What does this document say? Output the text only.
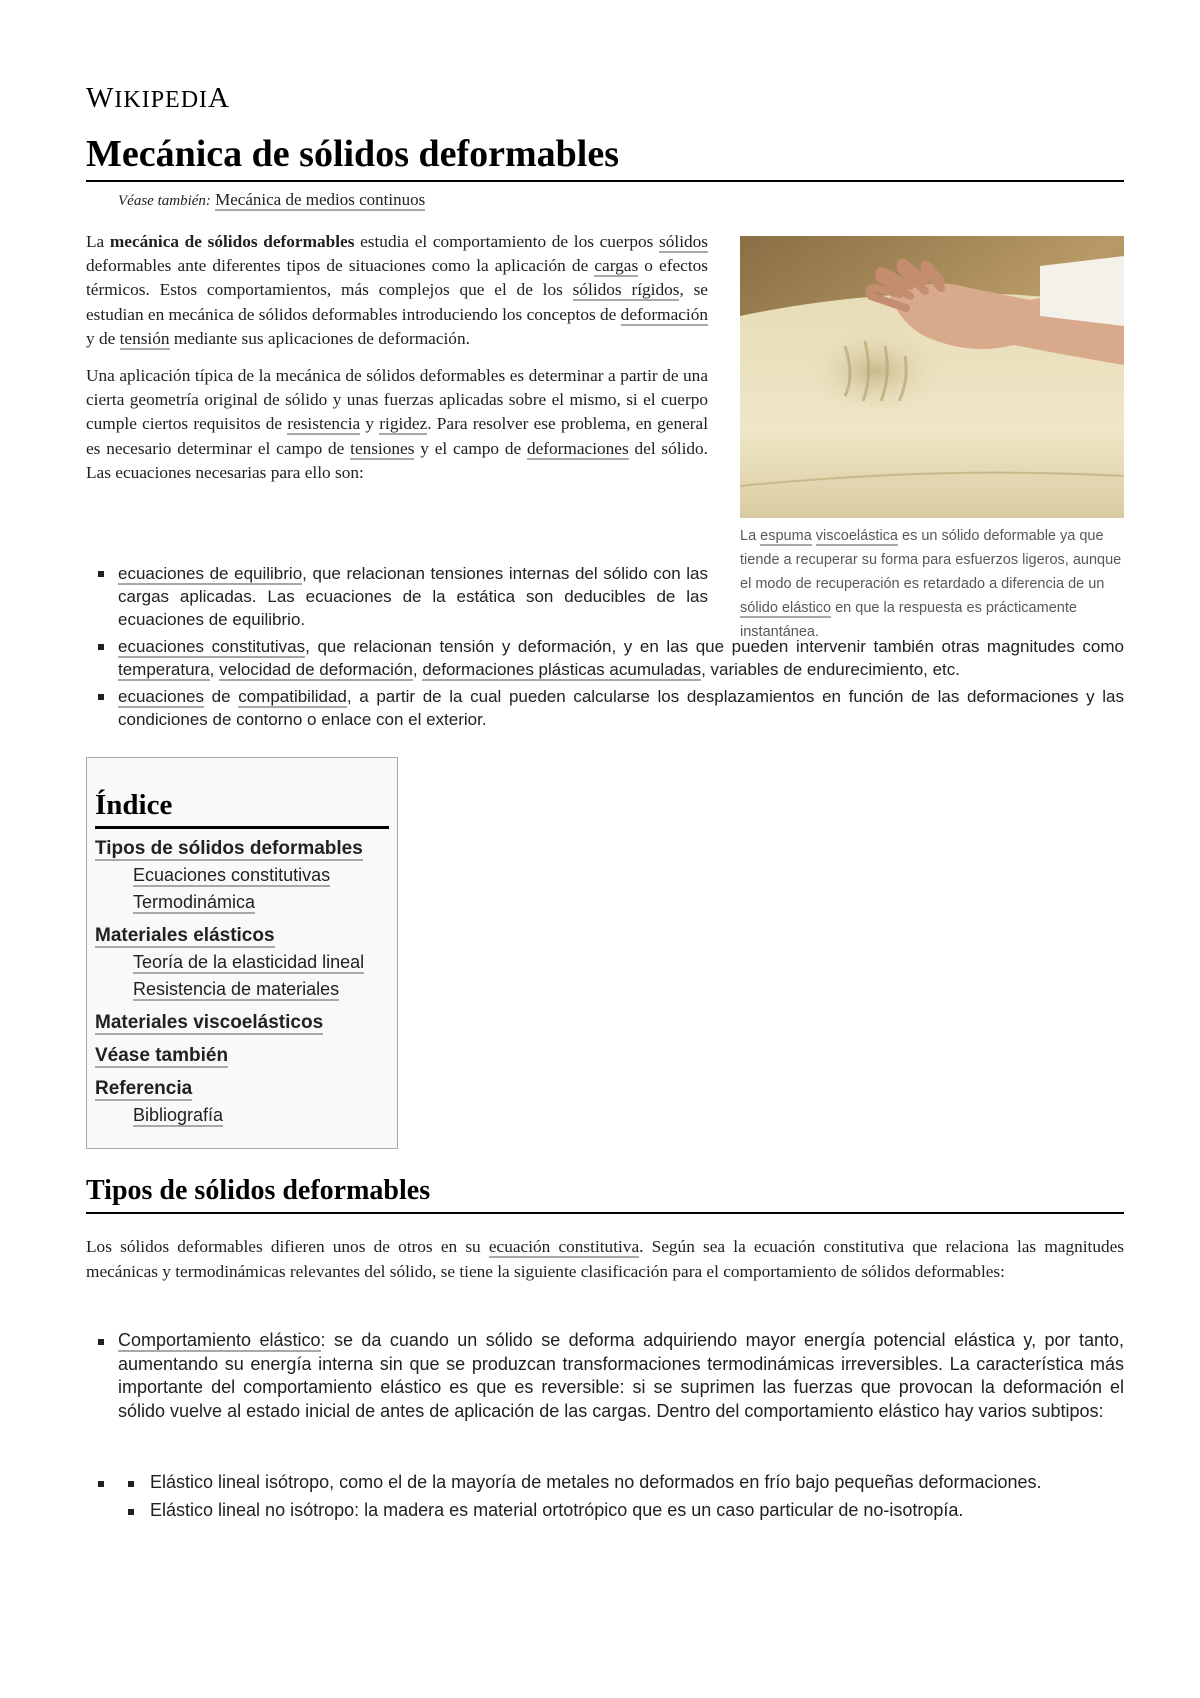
WIKIPEDIA
Mecánica de sólidos deformables
Véase también: Mecánica de medios continuos

La mecánica de sólidos deformables estudia el comportamiento de los cuerpos sólidos deformables ante diferentes tipos de situaciones como la aplicación de cargas o efectos térmicos. Estos comportamientos, más complejos que el de los sólidos rígidos, se estudian en mecánica de sólidos deformables introduciendo los conceptos de deformación y de tensión mediante sus aplicaciones de deformación.

Una aplicación típica de la mecánica de sólidos deformables es determinar a partir de una cierta geometría original de sólido y unas fuerzas aplicadas sobre el mismo, si el cuerpo cumple ciertos requisitos de resistencia y rigidez. Para resolver ese problema, en general es necesario determinar el campo de tensiones y el campo de deformaciones del sólido. Las ecuaciones necesarias para ello son:

La espuma viscoelástica es un sólido deformable ya que tiende a recuperar su forma para esfuerzos ligeros, aunque el modo de recuperación es retardado a diferencia de un sólido elástico en que la respuesta es prácticamente instantánea.
ecuaciones de equilibrio, que relacionan tensiones internas del sólido con las cargas aplicadas. Las ecuaciones de la estática son deducibles de las ecuaciones de equilibrio.
ecuaciones constitutivas, que relacionan tensión y deformación, y en las que pueden intervenir también otras magnitudes como temperatura, velocidad de deformación, deformaciones plásticas acumuladas, variables de endurecimiento, etc.
ecuaciones de compatibilidad, a partir de la cual pueden calcularse los desplazamientos en función de las deformaciones y las condiciones de contorno o enlace con el exterior.
Índice
Tipos de sólidos deformables
Ecuaciones constitutivas
Termodinámica
Materiales elásticos
Teoría de la elasticidad lineal
Resistencia de materiales
Materiales viscoelásticos
Véase también
Referencia
Bibliografía
Tipos de sólidos deformables

Los sólidos deformables difieren unos de otros en su ecuación constitutiva. Según sea la ecuación constitutiva que relaciona las magnitudes mecánicas y termodinámicas relevantes del sólido, se tiene la siguiente clasificación para el comportamiento de sólidos deformables:

Comportamiento elástico: se da cuando un sólido se deforma adquiriendo mayor energía potencial elástica y, por tanto, aumentando su energía interna sin que se produzcan transformaciones termodinámicas irreversibles. La característica más importante del comportamiento elástico es que es reversible: si se suprimen las fuerzas que provocan la deformación el sólido vuelve al estado inicial de antes de aplicación de las cargas. Dentro del comportamiento elástico hay varios subtipos:
Elástico lineal isótropo, como el de la mayoría de metales no deformados en frío bajo pequeñas deformaciones.
Elástico lineal no isótropo: la madera es material ortotrópico que es un caso particular de no-isotropía.
